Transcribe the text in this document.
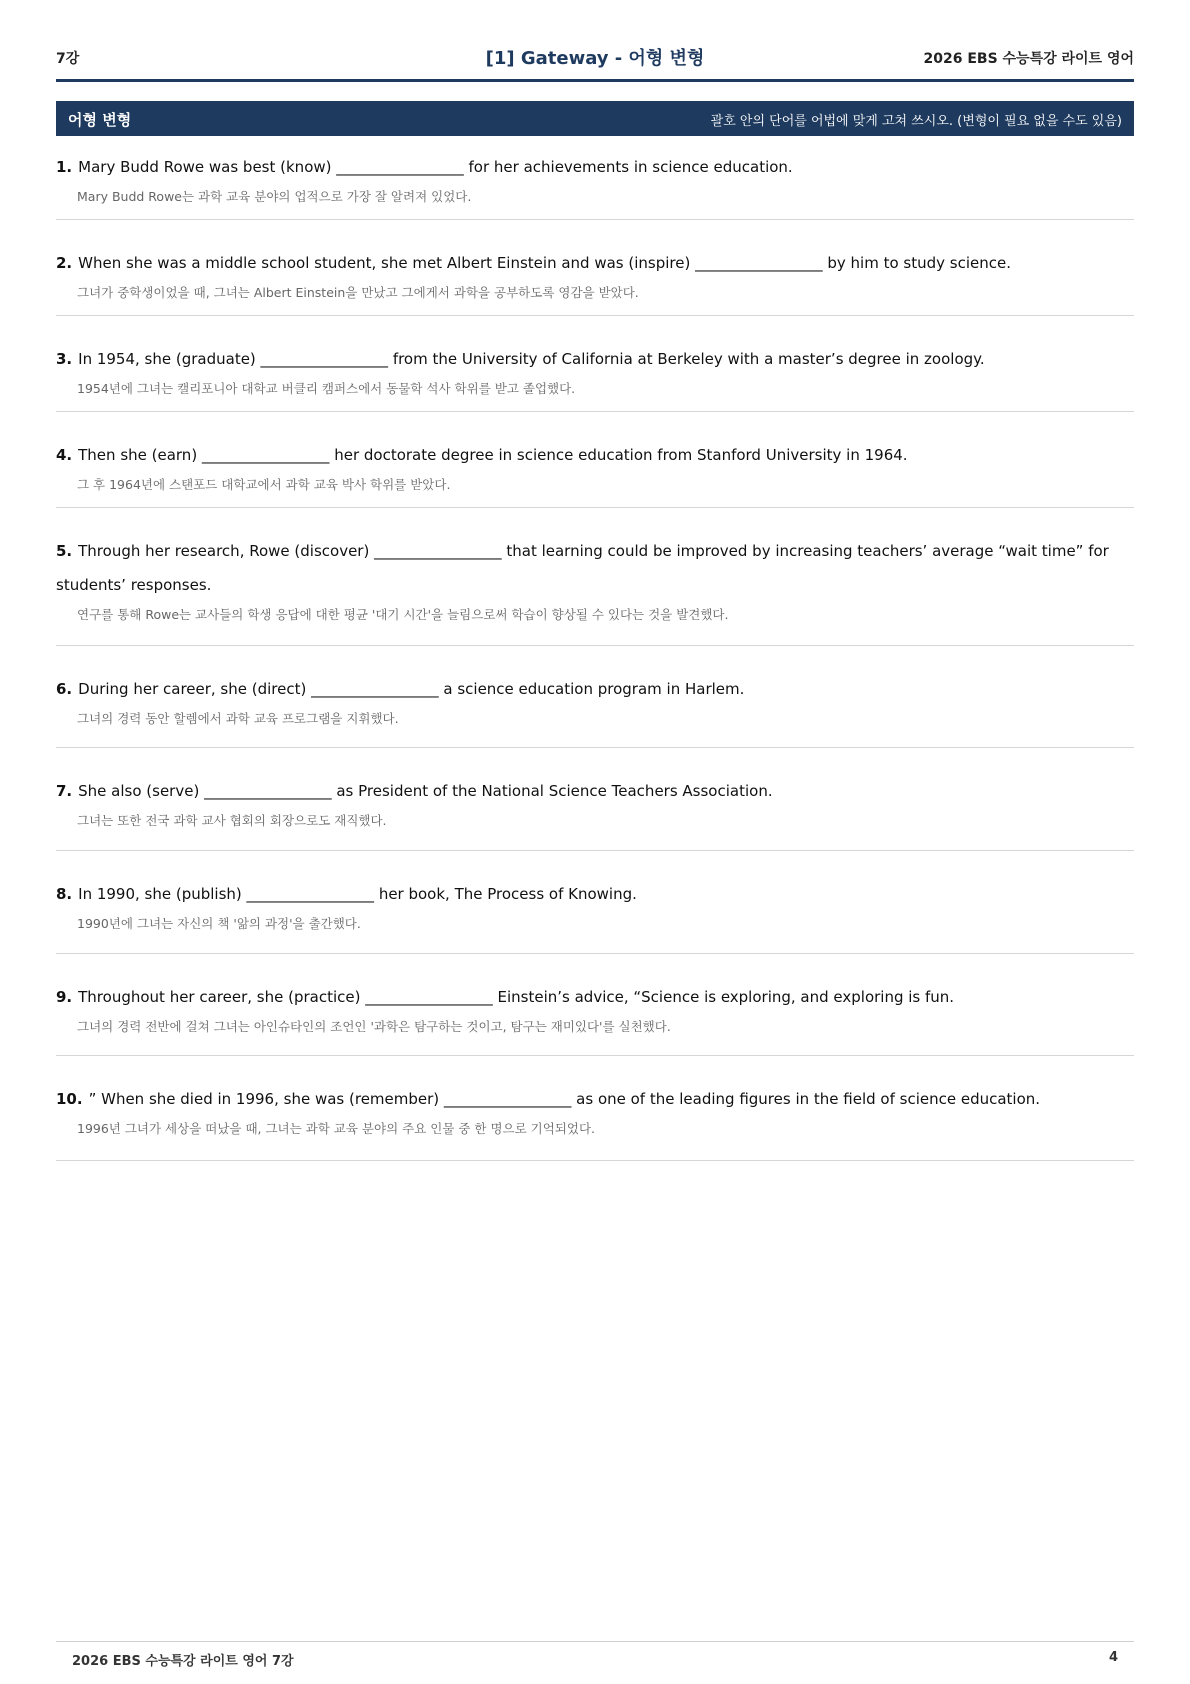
7강	[1] Gateway - 어형 변형	2026 EBS 수능특강 라이트 영어
어형 변형	괄호 안의 단어를 어법에 맞게 고쳐 쓰시오. (변형이 필요 없을 수도 있음)
1. Mary Budd Rowe was best (know) _________________ for her achievements in science education.
Mary Budd Rowe는 과학 교육 분야의 업적으로 가장 잘 알려져 있었다.
2. When she was a middle school student, she met Albert Einstein and was (inspire) _________________ by him to study science.
그녀가 중학생이었을 때, 그녀는 Albert Einstein을 만났고 그에게서 과학을 공부하도록 영감을 받았다.
3. In 1954, she (graduate) _________________ from the University of California at Berkeley with a master’s degree in zoology.
1954년에 그녀는 캘리포니아 대학교 버클리 캠퍼스에서 동물학 석사 학위를 받고 졸업했다.
4. Then she (earn) _________________ her doctorate degree in science education from Stanford University in 1964.
그 후 1964년에 스탠포드 대학교에서 과학 교육 박사 학위를 받았다.
5. Through her research, Rowe (discover) _________________ that learning could be improved by increasing teachers’ average “wait time” for students’ responses.
연구를 통해 Rowe는 교사들의 학생 응답에 대한 평균 '대기 시간'을 늘림으로써 학습이 향상될 수 있다는 것을 발견했다.
6. During her career, she (direct) _________________ a science education program in Harlem.
그녀의 경력 동안 할렘에서 과학 교육 프로그램을 지휘했다.
7. She also (serve) _________________ as President of the National Science Teachers Association.
그녀는 또한 전국 과학 교사 협회의 회장으로도 재직했다.
8. In 1990, she (publish) _________________ her book, The Process of Knowing.
1990년에 그녀는 자신의 책 '앎의 과정'을 출간했다.
9. Throughout her career, she (practice) _________________ Einstein’s advice, “Science is exploring, and exploring is fun.
그녀의 경력 전반에 걸쳐 그녀는 아인슈타인의 조언인 '과학은 탐구하는 것이고, 탐구는 재미있다'를 실천했다.
10. ” When she died in 1996, she was (remember) _________________ as one of the leading figures in the field of science education.
1996년 그녀가 세상을 떠났을 때, 그녀는 과학 교육 분야의 주요 인물 중 한 명으로 기억되었다.
2026 EBS 수능특강 라이트 영어 7강	4
